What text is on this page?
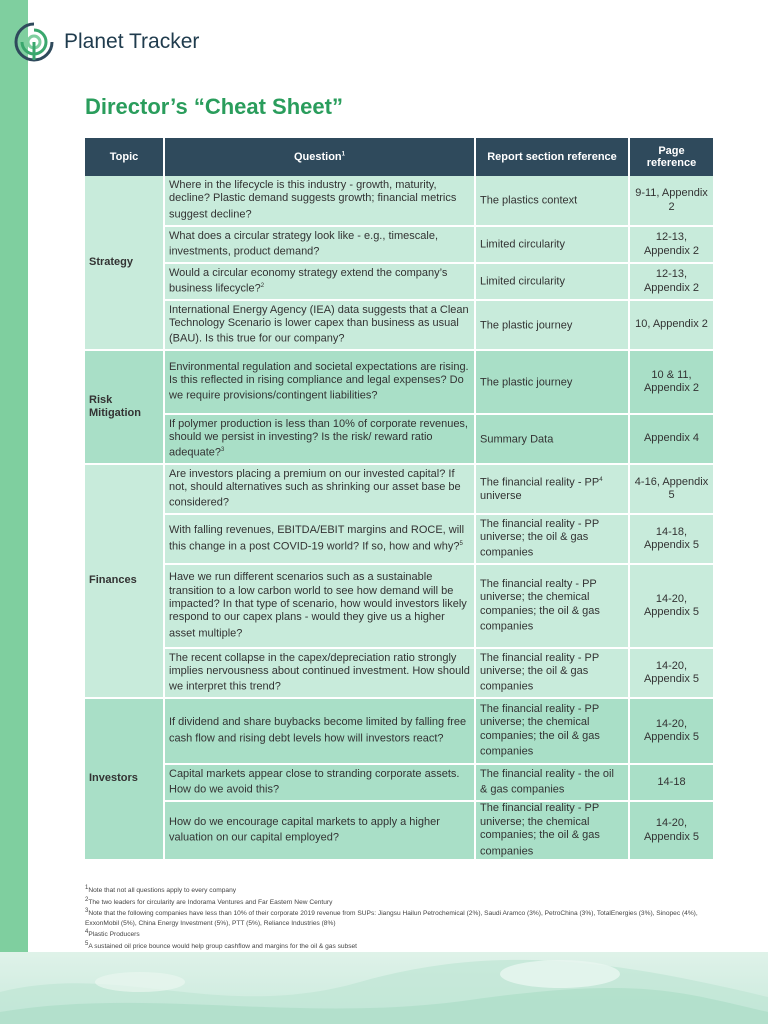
Planet Tracker
Director’s “Cheat Sheet”
Topic	Question$^1$	Report section reference	Page reference
Strategy	Where in the lifecycle is this industry - growth, maturity, decline? Plastic demand suggests growth; financial metrics suggest decline?	The plastics context	9-11, Appendix 2
	What does a circular strategy look like - e.g., timescale, investments, product demand?	Limited circularity	12-13, Appendix 2
	Would a circular economy strategy extend the company’s business lifecycle?$^2$	Limited circularity	12-13, Appendix 2
	International Energy Agency (IEA) data suggests that a Clean Technology Scenario is lower capex than business as usual (BAU). Is this true for our company?	The plastic journey	10, Appendix 2
Risk Mitigation	Environmental regulation and societal expectations are rising. Is this reflected in rising compliance and legal expenses? Do we require provisions/contingent liabilities?	The plastic journey	10 & 11, Appendix 2
	If polymer production is less than 10% of corporate revenues, should we persist in investing? Is the risk/ reward ratio adequate?$^3$	Summary Data	Appendix 4
Finances	Are investors placing a premium on our invested capital? If not, should alternatives such as shrinking our asset base be considered?	The financial reality - $PP^4$ universe	4-16, Appendix 5
	With falling revenues, EBITDA/EBIT margins and ROCE, will this change in a post COVID-19 world? If so, how and why?$^5$	The financial reality - PP universe; the oil & gas companies	14-18, Appendix 5
	Have we run different scenarios such as a sustainable transition to a low carbon world to see how demand will be impacted? In that type of scenario, how would investors likely respond to our capex plans - would they give us a higher asset multiple?	The financial realty - PP universe; the chemical companies; the oil & gas companies	14-20, Appendix 5
	The recent collapse in the capex/depreciation ratio strongly implies nervousness about continued investment. How should we interpret this trend?	The financial reality - PP universe; the oil & gas companies	14-20, Appendix 5
Investors	If dividend and share buybacks become limited by falling free cash flow and rising debt levels how will investors react?	The financial reality - PP universe; the chemical companies; the oil & gas companies	14-20, Appendix 5
	Capital markets appear close to stranding corporate assets. How do we avoid this?	The financial reality - the oil & gas companies	14-18
	How do we encourage capital markets to apply a higher valuation on our capital employed?	The financial reality - PP universe; the chemical companies; the oil & gas companies	14-20, Appendix 5
$^1$Note that not all questions apply to every company
$^2$The two leaders for circularity are Indorama Ventures and Far Eastern New Century
$^3$Note that the following companies have less than 10% of their corporate 2019 revenue from SUPs: Jiangsu Hailun Petrochemical (2%), Saudi Aramco (3%), PetroChina (3%), TotalEnergies (3%), Sinopec (4%), ExxonMobil (5%), China Energy Investment (5%), PTT (5%), Reliance Industries (8%)
$^4$Plastic Producers
$^5$A sustained oil price bounce would help group cashflow and margins for the oil & gas subset
